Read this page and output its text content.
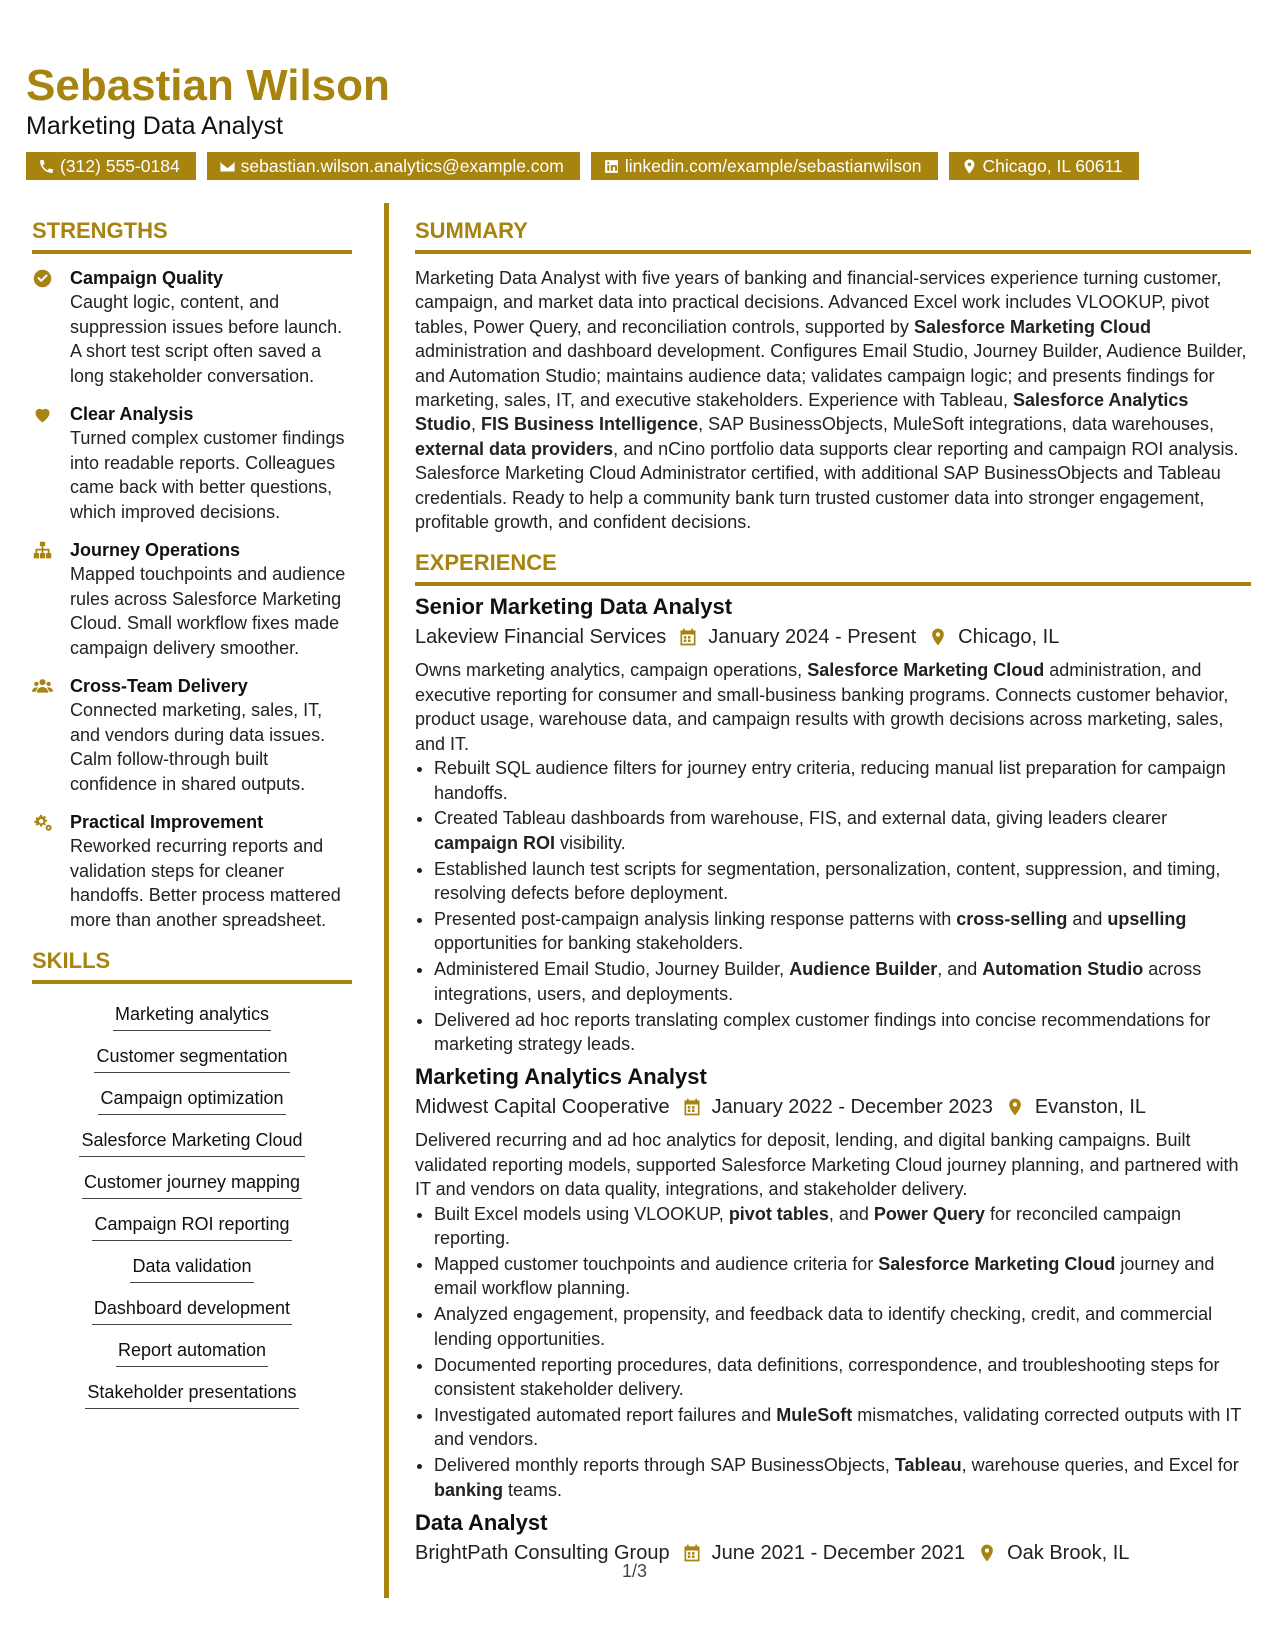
Sebastian Wilson
Marketing Data Analyst
(312) 555-0184	sebastian.wilson.analytics@example.com	linkedin.com/example/sebastianwilson	Chicago, IL 60611
STRENGTHS
Campaign Quality
Caught logic, content, and suppression issues before launch. A short test script often saved a long stakeholder conversation.
Clear Analysis
Turned complex customer findings into readable reports. Colleagues came back with better questions, which improved decisions.
Journey Operations
Mapped touchpoints and audience rules across Salesforce Marketing Cloud. Small workflow fixes made campaign delivery smoother.
Cross-Team Delivery
Connected marketing, sales, IT, and vendors during data issues. Calm follow-through built confidence in shared outputs.
Practical Improvement
Reworked recurring reports and validation steps for cleaner handoffs. Better process mattered more than another spreadsheet.
SKILLS
Marketing analytics
Customer segmentation
Campaign optimization
Salesforce Marketing Cloud
Customer journey mapping
Campaign ROI reporting
Data validation
Dashboard development
Report automation
Stakeholder presentations
SUMMARY

Marketing Data Analyst with five years of banking and financial-services experience turning customer, campaign, and market data into practical decisions. Advanced Excel work includes VLOOKUP, pivot tables, Power Query, and reconciliation controls, supported by Salesforce Marketing Cloud administration and dashboard development. Configures Email Studio, Journey Builder, Audience Builder, and Automation Studio; maintains audience data; validates campaign logic; and presents findings for marketing, sales, IT, and executive stakeholders. Experience with Tableau, Salesforce Analytics Studio, FIS Business Intelligence, SAP BusinessObjects, MuleSoft integrations, data warehouses, external data providers, and nCino portfolio data supports clear reporting and campaign ROI analysis. Salesforce Marketing Cloud Administrator certified, with additional SAP BusinessObjects and Tableau credentials. Ready to help a community bank turn trusted customer data into stronger engagement, profitable growth, and confident decisions.

EXPERIENCE
Senior Marketing Data Analyst
Lakeview Financial Services January 2024 - Present Chicago, IL

Owns marketing analytics, campaign operations, Salesforce Marketing Cloud administration, and executive reporting for consumer and small-business banking programs. Connects customer behavior, product usage, warehouse data, and campaign results with growth decisions across marketing, sales, and IT.

• Rebuilt SQL audience filters for journey entry criteria, reducing manual list preparation for campaign handoffs.
• Created Tableau dashboards from warehouse, FIS, and external data, giving leaders clearer campaign ROI visibility.
• Established launch test scripts for segmentation, personalization, content, suppression, and timing, resolving defects before deployment.
• Presented post-campaign analysis linking response patterns with cross-selling and upselling opportunities for banking stakeholders.
• Administered Email Studio, Journey Builder, Audience Builder, and Automation Studio across integrations, users, and deployments.
• Delivered ad hoc reports translating complex customer findings into concise recommendations for marketing strategy leads.
Marketing Analytics Analyst
Midwest Capital Cooperative January 2022 - December 2023 Evanston, IL

Delivered recurring and ad hoc analytics for deposit, lending, and digital banking campaigns. Built validated reporting models, supported Salesforce Marketing Cloud journey planning, and partnered with IT and vendors on data quality, integrations, and stakeholder delivery.

• Built Excel models using VLOOKUP, pivot tables, and Power Query for reconciled campaign reporting.
• Mapped customer touchpoints and audience criteria for Salesforce Marketing Cloud journey and email workflow planning.
• Analyzed engagement, propensity, and feedback data to identify checking, credit, and commercial lending opportunities.
• Documented reporting procedures, data definitions, correspondence, and troubleshooting steps for consistent stakeholder delivery.
• Investigated automated report failures and MuleSoft mismatches, validating corrected outputs with IT and vendors.
• Delivered monthly reports through SAP BusinessObjects, Tableau, warehouse queries, and Excel for banking teams.
Data Analyst
BrightPath Consulting Group June 2021 - December 2021 Oak Brook, IL
1/3
